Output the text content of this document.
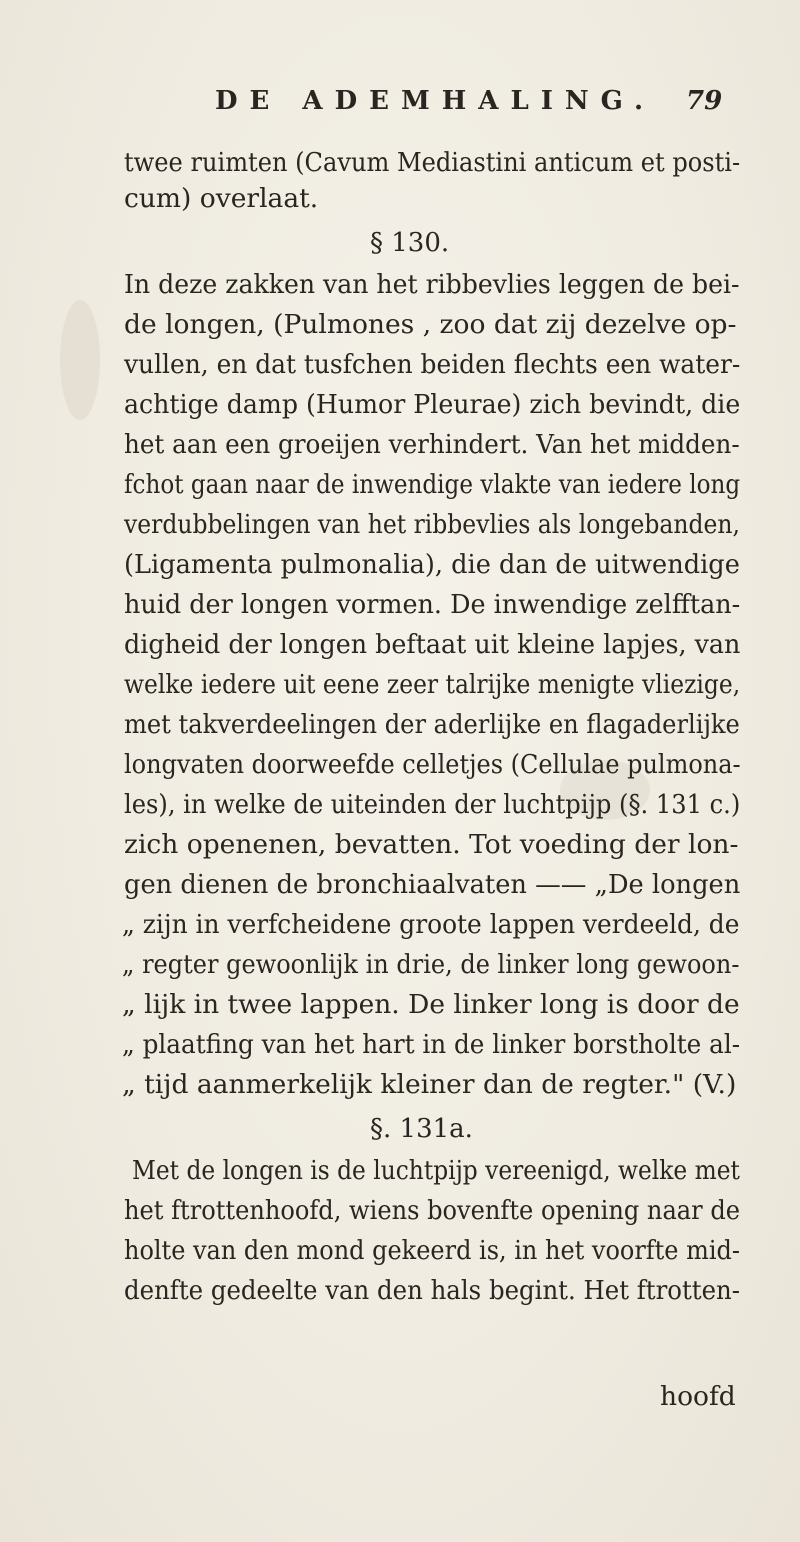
DE ADEMHALING. 79
twee ruimten (Cavum Mediastini anticum et posti-
cum) overlaat.
§ 130.
In deze zakken van het ribbevlies leggen de bei-
de longen, (Pulmones , zoo dat zij dezelve op-
vullen, en dat tusfchen beiden flechts een water-
achtige damp (Humor Pleurae) zich bevindt, die
het aan een groeijen verhindert. Van het midden-
fchot gaan naar de inwendige vlakte van iedere long
verdubbelingen van het ribbevlies als longebanden,
(Ligamenta pulmonalia), die dan de uitwendige
huid der longen vormen. De inwendige zelfftan-
digheid der longen beftaat uit kleine lapjes, van
welke iedere uit eene zeer talrijke menigte vliezige,
met takverdeelingen der aderlijke en flagaderlijke
longvaten doorweefde celletjes (Cellulae pulmona-
les), in welke de uiteinden der luchtpijp (§. 131 c.)
zich openenen, bevatten. Tot voeding der lon-
gen dienen de bronchiaalvaten —— „De longen
„ zijn in verfcheidene groote lappen verdeeld, de
„ regter gewoonlijk in drie, de linker long gewoon-
„ lijk in twee lappen. De linker long is door de
„ plaatfing van het hart in de linker borstholte al-
„ tijd aanmerkelijk kleiner dan de regter." (V.)
§. 131a.
Met de longen is de luchtpijp vereenigd, welke met
het ftrottenhoofd, wiens bovenfte opening naar de
holte van den mond gekeerd is, in het voorfte mid-
denfte gedeelte van den hals begint. Het ftrotten-
hoofd
